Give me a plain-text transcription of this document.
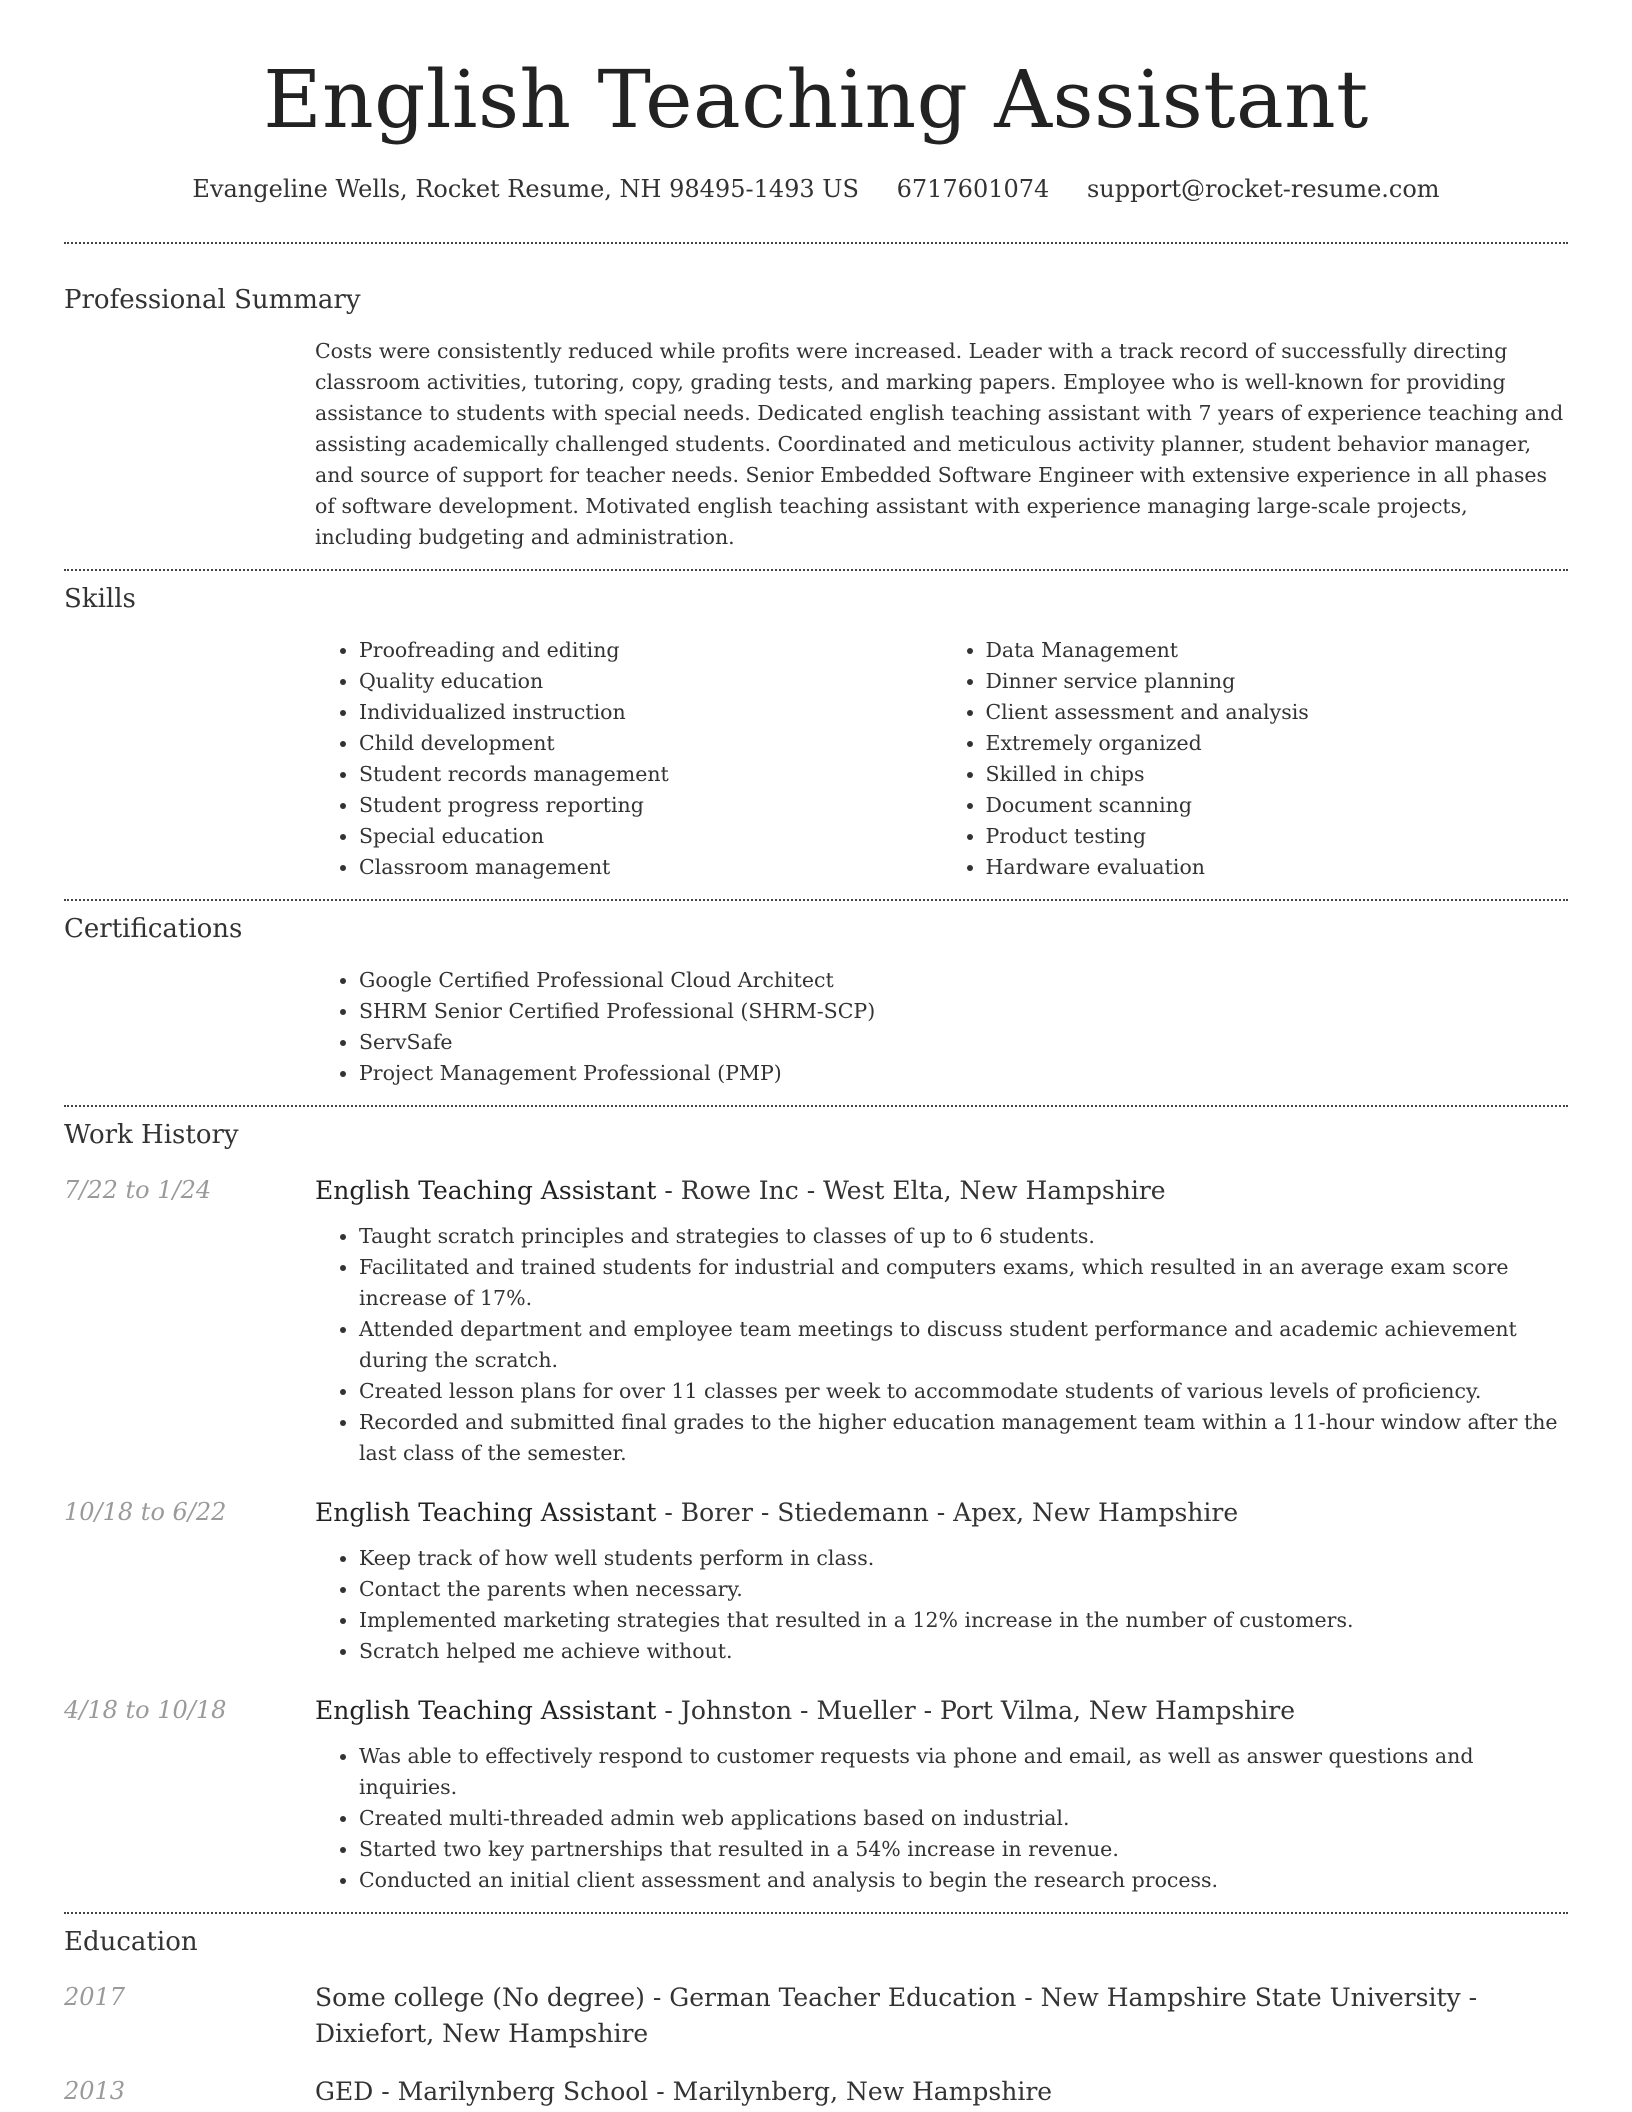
English Teaching Assistant
Evangeline Wells, Rocket Resume, NH 98495-1493 US 6717601074 support@rocket-resume.com
Professional Summary

Costs were consistently reduced while profits were increased. Leader with a track record of successfully directing classroom activities, tutoring, copy, grading tests, and marking papers. Employee who is well-known for providing assistance to students with special needs. Dedicated english teaching assistant with 7 years of experience teaching and assisting academically challenged students. Coordinated and meticulous activity planner, student behavior manager, and source of support for teacher needs. Senior Embedded Software Engineer with extensive experience in all phases of software development. Motivated english teaching assistant with experience managing large-scale projects, including budgeting and administration.

Skills
• Proofreading and editing
• Quality education
• Individualized instruction
• Child development
• Student records management
• Student progress reporting
• Special education
• Classroom management
• Data Management
• Dinner service planning
• Client assessment and analysis
• Extremely organized
• Skilled in chips
• Document scanning
• Product testing
• Hardware evaluation
Certifications
• Google Certified Professional Cloud Architect
• SHRM Senior Certified Professional (SHRM-SCP)
• ServSafe
• Project Management Professional (PMP)
Work History
7/22 to 1/24	English Teaching Assistant - Rowe Inc - West Elta, New Hampshire

• Taught scratch principles and strategies to classes of up to 6 students.
• Facilitated and trained students for industrial and computers exams, which resulted in an average exam score increase of 17%.
• Attended department and employee team meetings to discuss student performance and academic achievement during the scratch.
• Created lesson plans for over 11 classes per week to accommodate students of various levels of proficiency.
• Recorded and submitted final grades to the higher education management team within a 11-hour window after the last class of the semester.
10/18 to 6/22	English Teaching Assistant - Borer - Stiedemann - Apex, New Hampshire

• Keep track of how well students perform in class.
• Contact the parents when necessary.
• Implemented marketing strategies that resulted in a 12% increase in the number of customers.
• Scratch helped me achieve without.
4/18 to 10/18	English Teaching Assistant - Johnston - Mueller - Port Vilma, New Hampshire

• Was able to effectively respond to customer requests via phone and email, as well as answer questions and inquiries.
• Created multi-threaded admin web applications based on industrial.
• Started two key partnerships that resulted in a 54% increase in revenue.
• Conducted an initial client assessment and analysis to begin the research process.
Education
2017	Some college (No degree) - German Teacher Education - New Hampshire State University - Dixiefort, New Hampshire

2013	GED - Marilynberg School - Marilynberg, New Hampshire
